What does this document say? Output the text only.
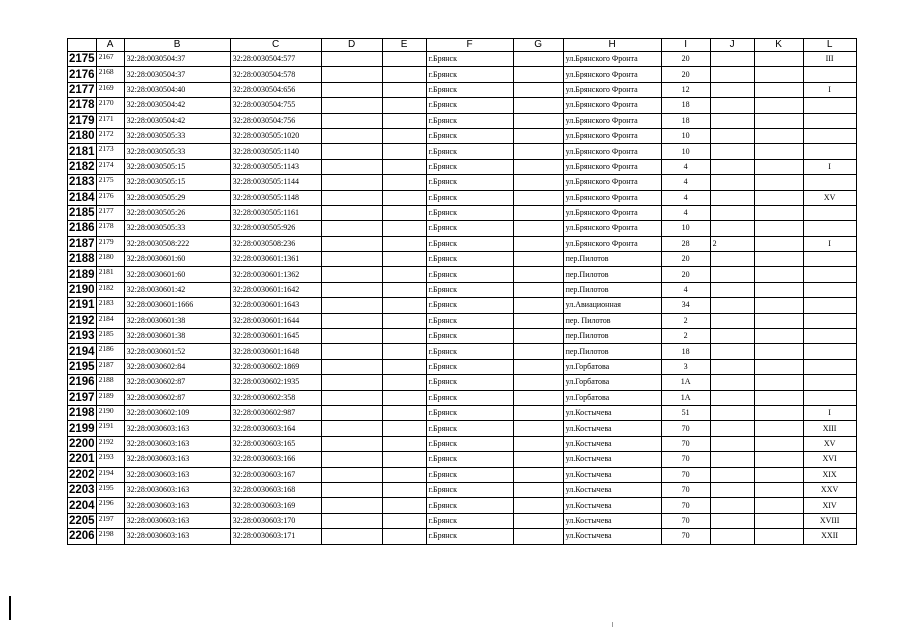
	A	B	C	D	E	F	G	H	I	J	K	L
2175	2167	32:28:0030504:37	32:28:0030504:577			г.Брянск		ул.Брянского Фронта	20			III
2176	2168	32:28:0030504:37	32:28:0030504:578			г.Брянск		ул.Брянского Фронта	20			
2177	2169	32:28:0030504:40	32:28:0030504:656			г.Брянск		ул.Брянского Фронта	12			I
2178	2170	32:28:0030504:42	32:28:0030504:755			г.Брянск		ул.Брянского Фронта	18			
2179	2171	32:28:0030504:42	32:28:0030504:756			г.Брянск		ул.Брянского Фронта	18			
2180	2172	32:28:0030505:33	32:28:0030505:1020			г.Брянск		ул.Брянского Фронта	10			
2181	2173	32:28:0030505:33	32:28:0030505:1140			г.Брянск		ул.Брянского Фронта	10			
2182	2174	32:28:0030505:15	32:28:0030505:1143			г.Брянск		ул.Брянского Фронта	4			I
2183	2175	32:28:0030505:15	32:28:0030505:1144			г.Брянск		ул.Брянского Фронта	4			
2184	2176	32:28:0030505:29	32:28:0030505:1148			г.Брянск		ул.Брянского Фронта	4			XV
2185	2177	32:28:0030505:26	32:28:0030505:1161			г.Брянск		ул.Брянского Фронта	4			
2186	2178	32:28:0030505:33	32:28:0030505:926			г.Брянск		ул.Брянского Фронта	10			
2187	2179	32:28:0030508:222	32:28:0030508:236			г.Брянск		ул.Брянского Фронта	28	2		I
2188	2180	32:28:0030601:60	32:28:0030601:1361			г.Брянск		пер.Пилотов	20			
2189	2181	32:28:0030601:60	32:28:0030601:1362			г.Брянск		пер.Пилотов	20			
2190	2182	32:28:0030601:42	32:28:0030601:1642			г.Брянск		пер.Пилотов	4			
2191	2183	32:28:0030601:1666	32:28:0030601:1643			г.Брянск		ул.Авиационная	34			
2192	2184	32:28:0030601:38	32:28:0030601:1644			г.Брянск		пер. Пилотов	2			
2193	2185	32:28:0030601:38	32:28:0030601:1645			г.Брянск		пер.Пилотов	2			
2194	2186	32:28:0030601:52	32:28:0030601:1648			г.Брянск		пер.Пилотов	18			
2195	2187	32:28:0030602:84	32:28:0030602:1869			г.Брянск		ул.Горбатова	3			
2196	2188	32:28:0030602:87	32:28:0030602:1935			г.Брянск		ул.Горбатова	1А			
2197	2189	32:28:0030602:87	32:28:0030602:358			г.Брянск		ул.Горбатова	1А			
2198	2190	32:28:0030602:109	32:28:0030602:987			г.Брянск		ул.Костычева	51			I
2199	2191	32:28:0030603:163	32:28:0030603:164			г.Брянск		ул.Костычева	70			XIII
2200	2192	32:28:0030603:163	32:28:0030603:165			г.Брянск		ул.Костычева	70			XV
2201	2193	32:28:0030603:163	32:28:0030603:166			г.Брянск		ул.Костычева	70			XVI
2202	2194	32:28:0030603:163	32:28:0030603:167			г.Брянск		ул.Костычева	70			XIX
2203	2195	32:28:0030603:163	32:28:0030603:168			г.Брянск		ул.Костычева	70			XXV
2204	2196	32:28:0030603:163	32:28:0030603:169			г.Брянск		ул.Костычева	70			XIV
2205	2197	32:28:0030603:163	32:28:0030603:170			г.Брянск		ул.Костычева	70			XVIII
2206	2198	32:28:0030603:163	32:28:0030603:171			г.Брянск		ул.Костычева	70			XXII
